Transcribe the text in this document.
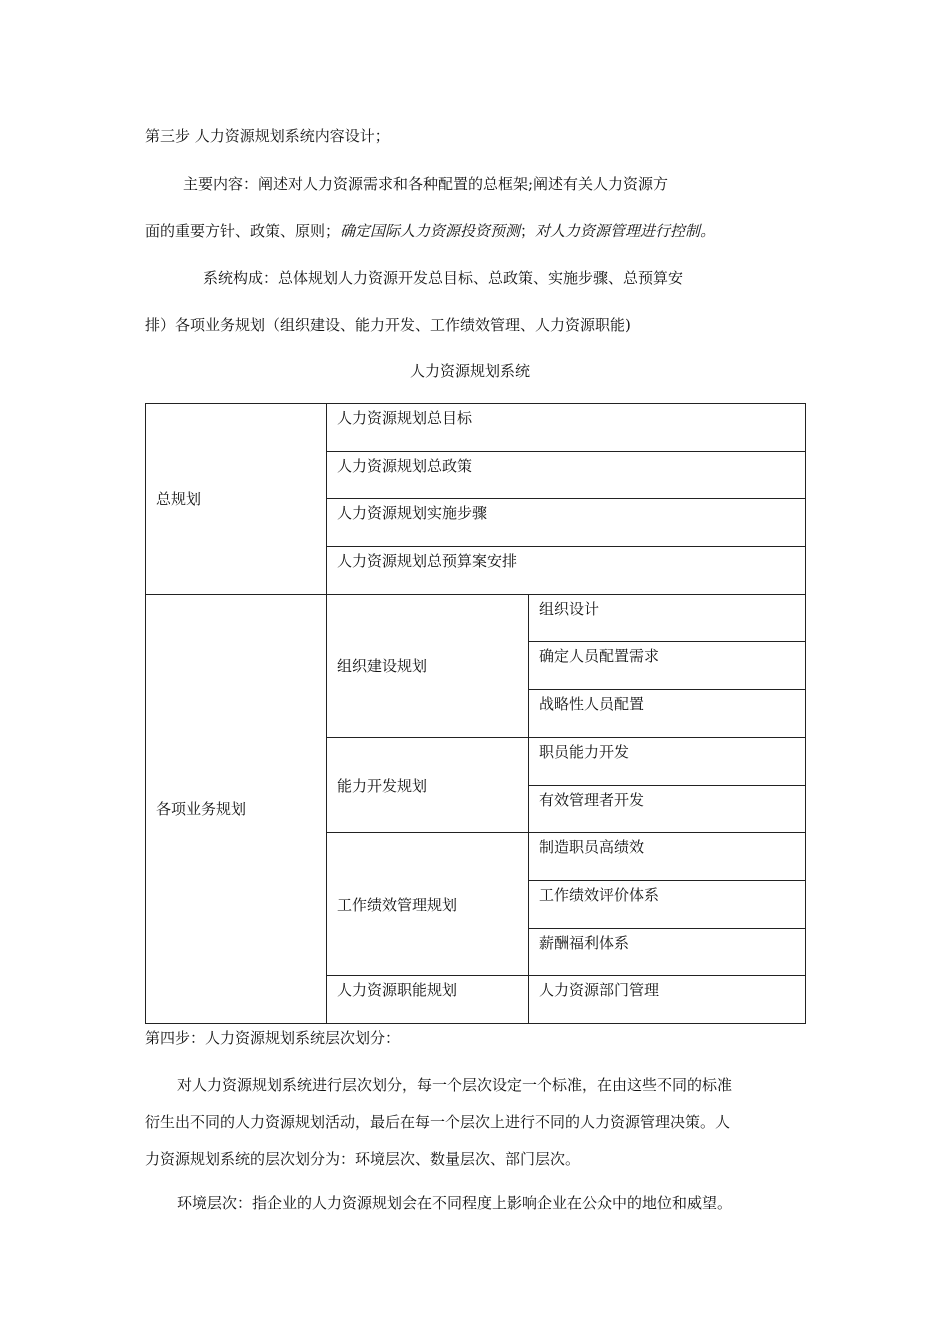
第三步 人力资源规划系统内容设计；
主要内容：阐述对人力资源需求和各种配置的总框架;阐述有关人力资源方
面的重要方针、政策、原则；确定国际人力资源投资预测；对人力资源管理进行控制。
系统构成：总体规划人力资源开发总目标、总政策、实施步骤、总预算安
排）各项业务规划（组织建设、能力开发、工作绩效管理、人力资源职能)
人力资源规划系统
总规划	人力资源规划总目标	
	人力资源规划总政策	
	人力资源规划实施步骤	
	人力资源规划总预算案安排	
各项业务规划	组织建设规划	组织设计
		确定人员配置需求
		战略性人员配置
	能力开发规划	职员能力开发
		有效管理者开发
	工作绩效管理规划	制造职员高绩效
		工作绩效评价体系
		薪酬福利体系
	人力资源职能规划	人力资源部门管理
第四步：人力资源规划系统层次划分：
对人力资源规划系统进行层次划分，每一个层次设定一个标准，在由这些不同的标准
衍生出不同的人力资源规划活动，最后在每一个层次上进行不同的人力资源管理决策。人
力资源规划系统的层次划分为：环境层次、数量层次、部门层次。
环境层次：指企业的人力资源规划会在不同程度上影响企业在公众中的地位和威望。
